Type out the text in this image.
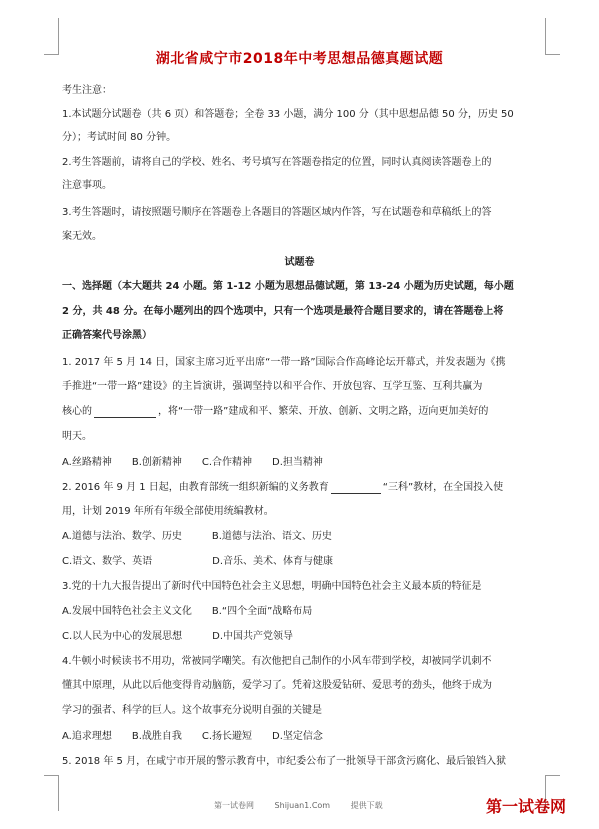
湖北省咸宁市2018年中考思想品德真题试题
考生注意：
1.本试题分试题卷（共 6 页）和答题卷；全卷 33 小题，满分 100 分（其中思想品德 50 分，历史 50
分）；考试时间 80 分钟。
2.考生答题前，请将自己的学校、姓名、考号填写在答题卷指定的位置，同时认真阅读答题卷上的
注意事项。
3.考生答题时，请按照题号顺序在答题卷上各题目的答题区域内作答，写在试题卷和草稿纸上的答
案无效。
试题卷
一、选择题（本大题共 24 小题。第 1-12 小题为思想品德试题，第 13-24 小题为历史试题，每小题
2 分，共 48 分。在每小题列出的四个选项中，只有一个选项是最符合题目要求的，请在答题卷上将
正确答案代号涂黑）
1. 2017 年 5 月 14 日，国家主席习近平出席“一带一路”国际合作高峰论坛开幕式，并发表题为《携
手推进“一带一路”建设》的主旨演讲，强调坚持以和平合作、开放包容、互学互鉴、互利共赢为
核心的	，将“一带一路”建成和平、繁荣、开放、创新、文明之路，迈向更加美好的
明天。
A.丝路精神　　B.创新精神　　C.合作精神　　D.担当精神
2. 2016 年 9 月 1 日起，由教育部统一组织新编的义务教育	“三科”教材，在全国投入使
用，计划 2019 年所有年级全部使用统编教材。
A.道德与法治、数学、历史　　　B.道德与法治、语文、历史
C.语文、数学、英语　　　　　　D.音乐、美术、体育与健康
3.党的十九大报告提出了新时代中国特色社会主义思想，明确中国特色社会主义最本质的特征是
A.发展中国特色社会主义文化　　B.“四个全面”战略布局
C.以人民为中心的发展思想　　　D.中国共产党领导
4.牛顿小时候读书不用功，常被同学嘲笑。有次他把自己制作的小风车带到学校，却被同学讥刺不
懂其中原理，从此以后他变得肯动脑筋，爱学习了。凭着这股爱钻研、爱思考的劲头，他终于成为
学习的强者、科学的巨人。这个故事充分说明自强的关键是
A.追求理想　　B.战胜自我　　C.扬长避短　　D.坚定信念
5. 2018 年 5 月，在咸宁市开展的警示教育中，市纪委公布了一批领导干部贪污腐化、最后锒铛入狱
第一试卷网	Shijuan1.Com	提供下载	第一试卷网
